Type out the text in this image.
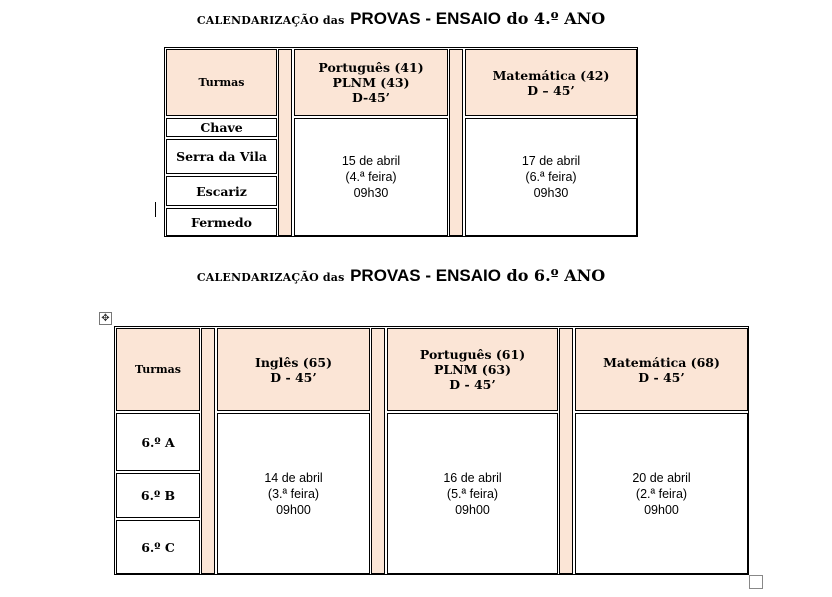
CALENDARIZAÇÃO das PROVAS - ENSAIO do 4.º ANO
Turmas
Chave
Serra da Vila
Escariz
Fermedo
Português (41)
PLNM (43)
D-45’
15 de abril
(4.ª feira)
09h30
Matemática (42)
D – 45’
17 de abril
(6.ª feira)
09h30
CALENDARIZAÇÃO das PROVAS - ENSAIO do 6.º ANO
✥
Turmas
6.º A
6.º B
6.º C
Inglês (65)
D - 45’
14 de abril
(3.ª feira)
09h00
Português (61)
PLNM (63)
D - 45’
16 de abril
(5.ª feira)
09h00
Matemática (68)
D - 45’
20 de abril
(2.ª feira)
09h00
